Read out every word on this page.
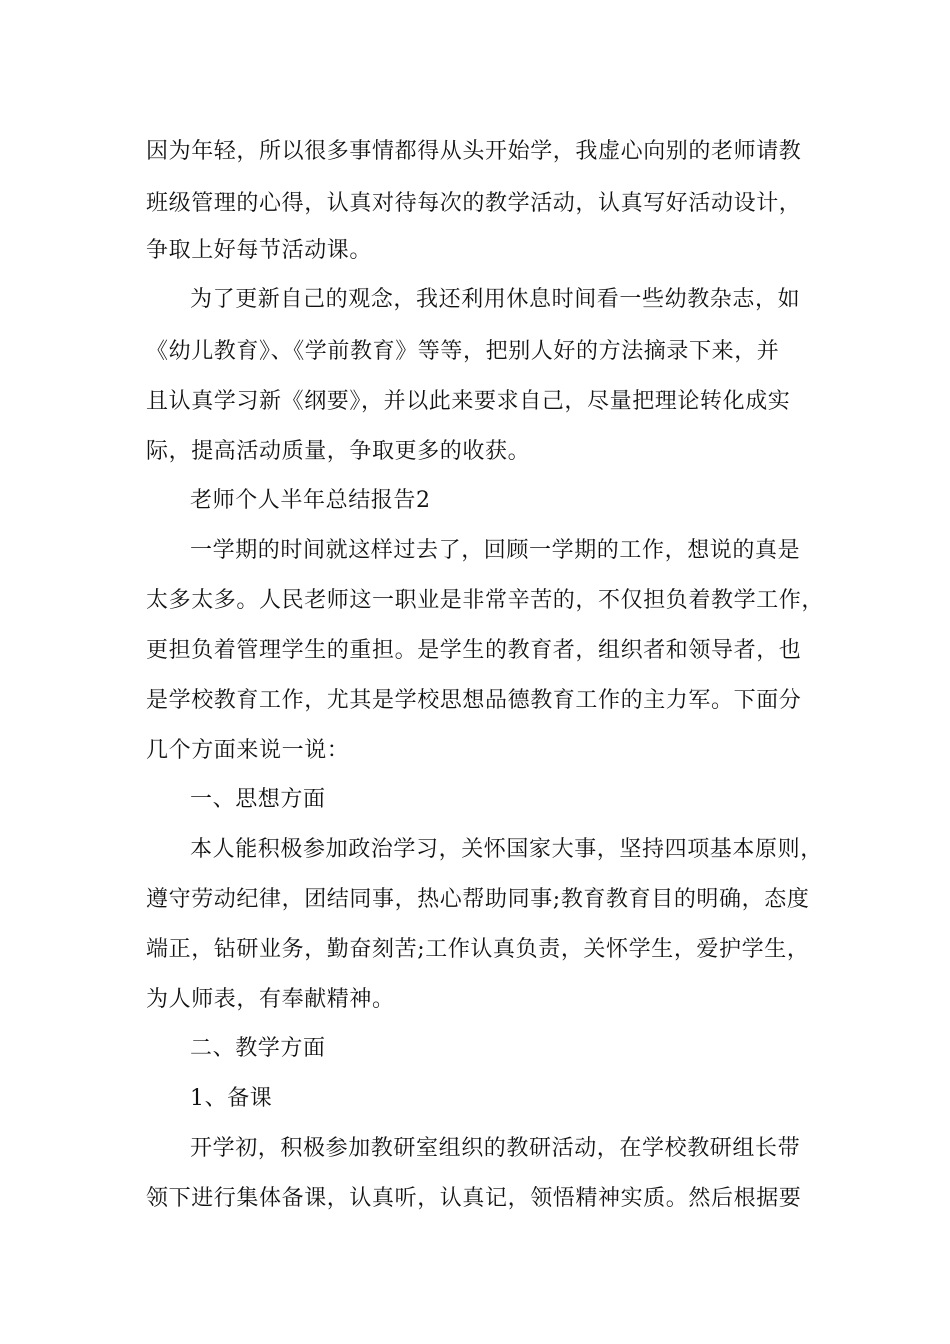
因为年轻，所以很多事情都得从头开始学，我虚心向别的老师请教
班级管理的心得，认真对待每次的教学活动，认真写好活动设计，
争取上好每节活动课。
为了更新自己的观念，我还利用休息时间看一些幼教杂志，如
《幼儿教育》、《学前教育》等等，把别人好的方法摘录下来，并
且认真学习新《纲要》，并以此来要求自己，尽量把理论转化成实
际，提高活动质量，争取更多的收获。
老师个人半年总结报告2
一学期的时间就这样过去了，回顾一学期的工作，想说的真是
太多太多。人民老师这一职业是非常辛苦的，不仅担负着教学工作，
更担负着管理学生的重担。是学生的教育者，组织者和领导者，也
是学校教育工作，尤其是学校思想品德教育工作的主力军。下面分
几个方面来说一说：
一、思想方面
本人能积极参加政治学习，关怀国家大事，坚持四项基本原则，
遵守劳动纪律，团结同事，热心帮助同事;教育教育目的明确，态度
端正，钻研业务，勤奋刻苦;工作认真负责，关怀学生，爱护学生，
为人师表，有奉献精神。
二、教学方面
1、备课
开学初，积极参加教研室组织的教研活动，在学校教研组长带
领下进行集体备课，认真听，认真记，领悟精神实质。然后根据要
